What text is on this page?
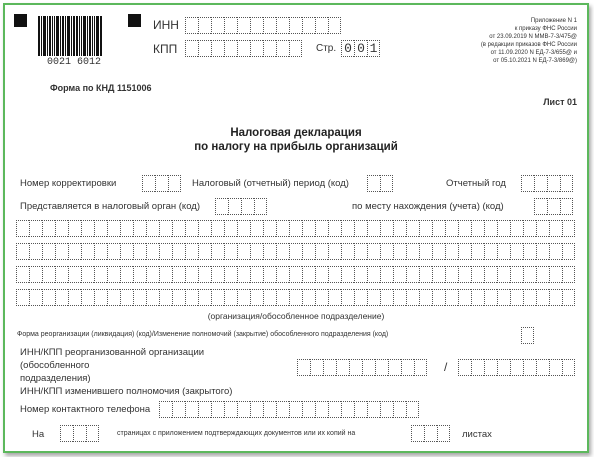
0021 6012
ИНН
КПП	Стр. 0 0 1
Приложение N 1
к приказу ФНС России
от 23.09.2019 N ММВ-7-3/475@
(в редакции приказов ФНС России
от 11.09.2020 N ЕД-7-3/655@ и
от 05.10.2021 N ЕД-7-3/869@)
Форма по КНД 1151006
Лист 01
Налоговая декларация
по налогу на прибыль организаций
Номер корректировки	Налоговый (отчетный) период (код)	Отчетный год
Представляется в налоговый орган (код)	по месту нахождения (учета) (код)
(организация/обособленное подразделение)
Форма реорганизации (ликвидация) (код)/Изменение полномочий (закрытие) обособленного подразделения (код)
ИНН/КПП реорганизованной организации
(обособленного
подразделения)
/
ИНН/КПП изменившего полномочия (закрытого)
Номер контактного телефона
На	страницах с приложением подтверждающих документов или их копий на	листах
